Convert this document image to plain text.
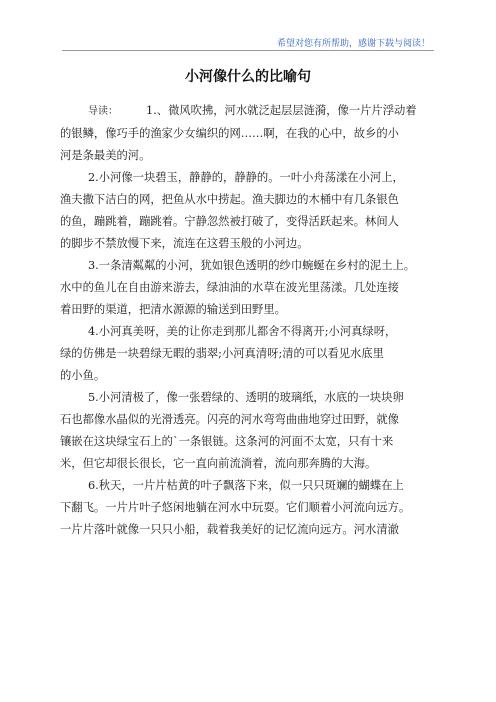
希望对您有所帮助，感谢下载与阅读！
小河像什么的比喻句

导读： 1.、微风吹拂，河水就泛起层层涟漪，像一片片浮动着
的银鳞，像巧手的渔家少女编织的网……啊，在我的心中，故乡的小
河是条最美的河。

2.小河像一块碧玉，静静的，静静的。一叶小舟荡漾在小河上，
渔夫撒下洁白的网，把鱼从水中捞起。渔夫脚边的木桶中有几条银色
的鱼，蹦跳着，蹦跳着。宁静忽然被打破了，变得活跃起来。林间人
的脚步不禁放慢下来，流连在这碧玉般的小河边。

3.一条清粼粼的小河，犹如银色透明的纱巾蜿蜒在乡村的泥土上。
水中的鱼儿在自由游来游去，绿油油的水草在波光里荡漾。几处连接
着田野的渠道，把清水源源的输送到田野里。

4.小河真美呀，美的让你走到那儿都舍不得离开;小河真绿呀，
绿的仿佛是一块碧绿无暇的翡翠;小河真清呀;清的可以看见水底里
的小鱼。

5.小河清极了，像一张碧绿的、透明的玻璃纸，水底的一块块卵
石也都像水晶似的光滑透亮。闪亮的河水弯弯曲曲地穿过田野，就像
镶嵌在这块绿宝石上的`一条银链。这条河的河面不太宽，只有十来
米，但它却很长很长，它一直向前流淌着，流向那奔腾的大海。

6.秋天，一片片枯黄的叶子飘落下来，似一只只斑斓的蝴蝶在上
下翻飞。一片片叶子悠闲地躺在河水中玩耍。它们顺着小河流向远方。
一片片落叶就像一只只小船，载着我美好的记忆流向远方。河水清澈
